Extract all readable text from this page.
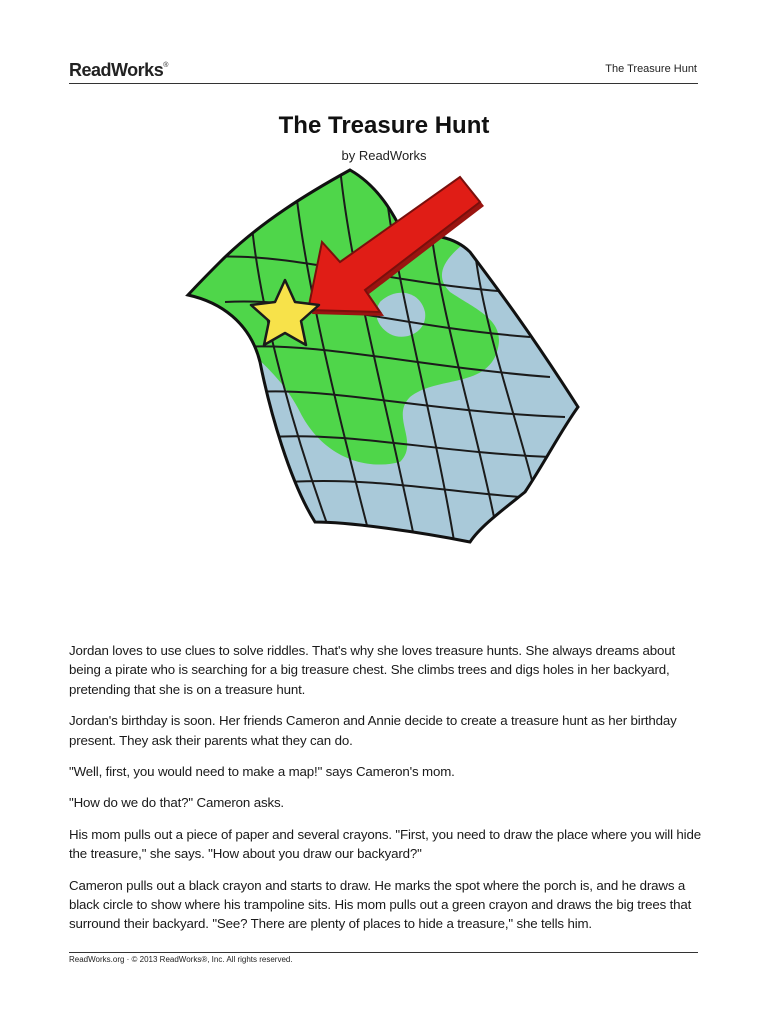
ReadWorks®	The Treasure Hunt
The Treasure Hunt
by ReadWorks

Jordan loves to use clues to solve riddles. That's why she loves treasure hunts. She always dreams about being a pirate who is searching for a big treasure chest. She climbs trees and digs holes in her backyard, pretending that she is on a treasure hunt.

Jordan's birthday is soon. Her friends Cameron and Annie decide to create a treasure hunt as her birthday present. They ask their parents what they can do.

"Well, first, you would need to make a map!" says Cameron's mom.

"How do we do that?" Cameron asks.

His mom pulls out a piece of paper and several crayons. "First, you need to draw the place where you will hide the treasure," she says. "How about you draw our backyard?"

Cameron pulls out a black crayon and starts to draw. He marks the spot where the porch is, and he draws a black circle to show where his trampoline sits. His mom pulls out a green crayon and draws the big trees that surround their backyard. "See? There are plenty of places to hide a treasure," she tells him.

ReadWorks.org · © 2013 ReadWorks®, Inc. All rights reserved.
